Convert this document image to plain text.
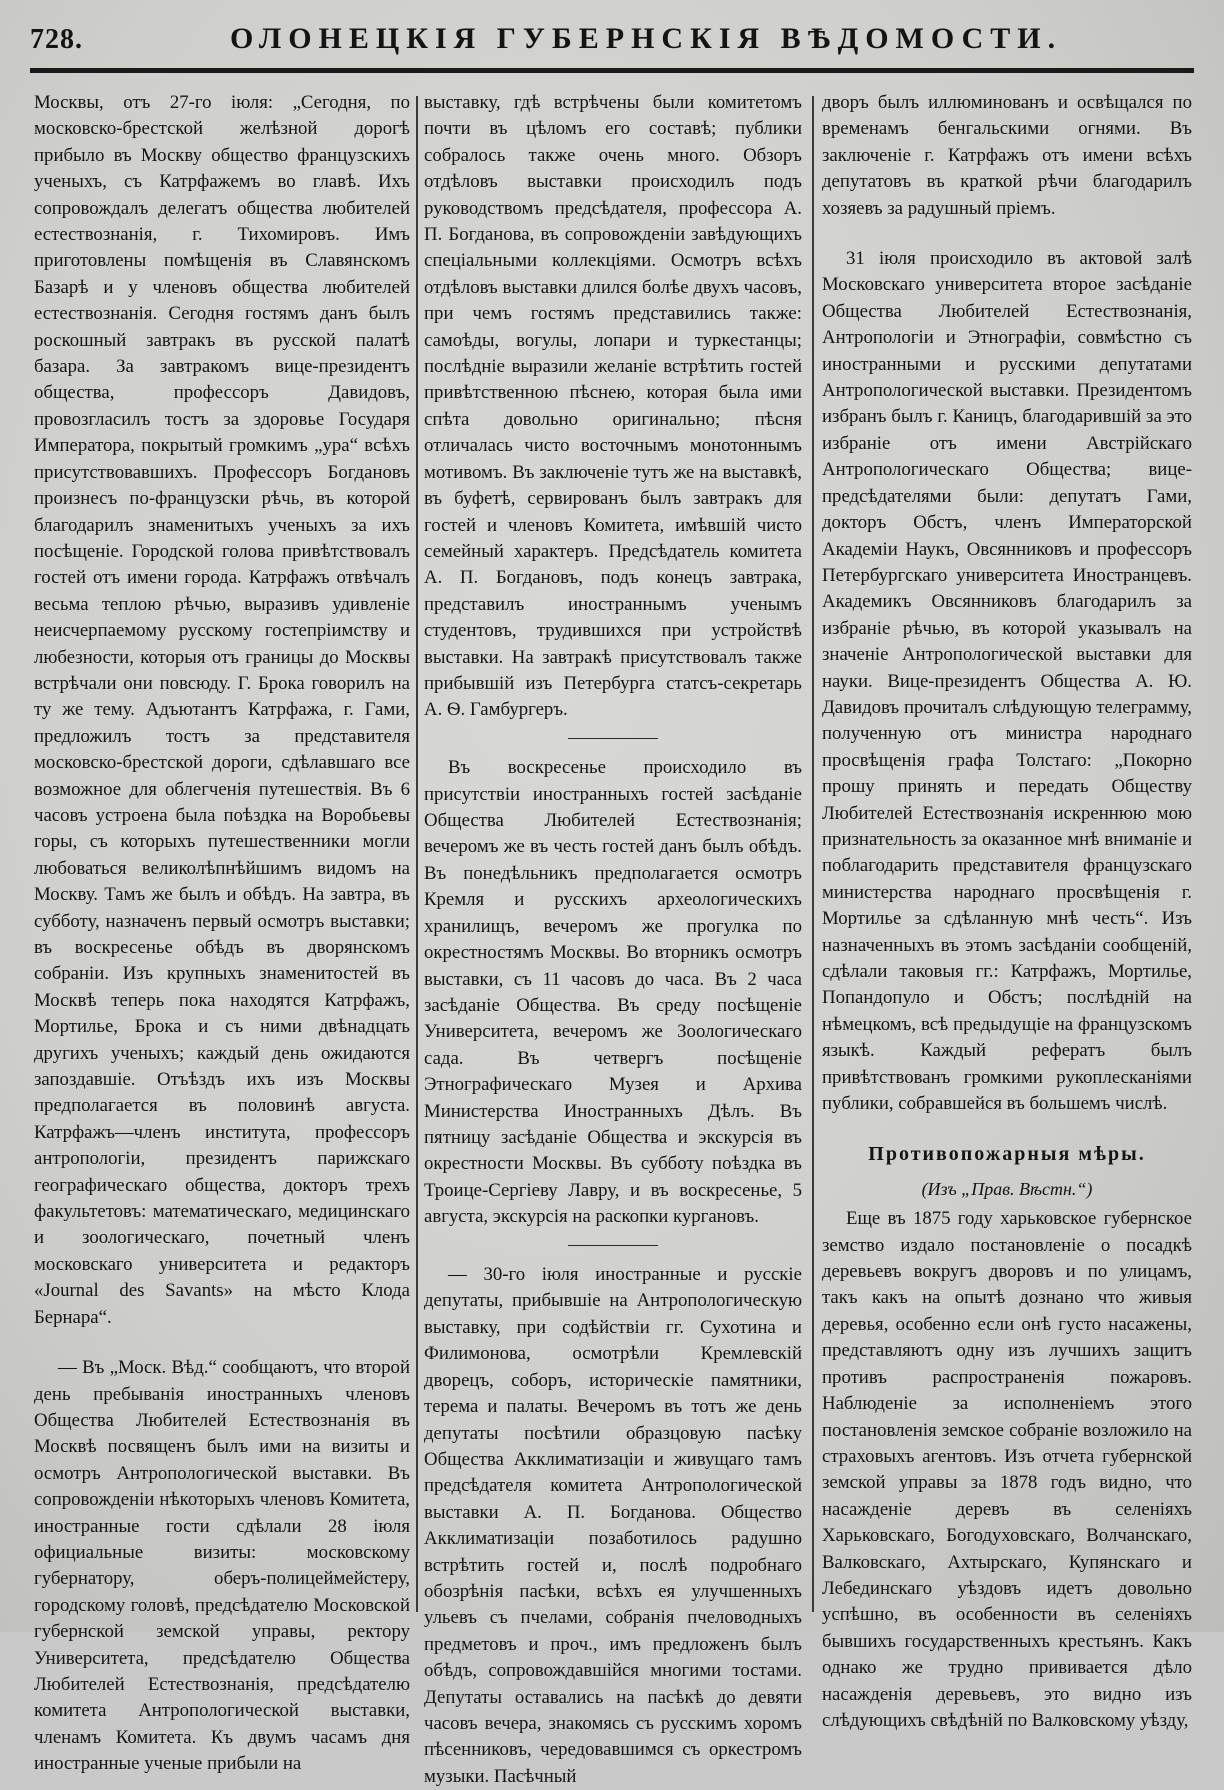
728.	ОЛОНЕЦКІЯ ГУБЕРНСКІЯ ВѢДОМОСТИ.

Москвы, отъ 27-го іюля: „Сегодня, по московско-брестской желѣзной дорогѣ прибыло въ Москву общество французскихъ ученыхъ, съ Катрфажемъ во главѣ. Ихъ сопровождалъ делегатъ общества любителей естествознанія, г. Тихомировъ. Имъ приготовлены помѣщенія въ Славянскомъ Базарѣ и у членовъ общества любителей естествознанія. Сегодня гостямъ данъ былъ роскошный завтракъ въ русской палатѣ базара. За завтракомъ вице-президентъ общества, профессоръ Давидовъ, провозгласилъ тостъ за здоровье Государя Императора, покрытый громкимъ „ура“ всѣхъ присутствовавшихъ. Профессоръ Богдановъ произнесъ по-французски рѣчь, въ которой благодарилъ знаменитыхъ ученыхъ за ихъ посѣщеніе. Городской голова привѣтствовалъ гостей отъ имени города. Катрфажъ отвѣчалъ весьма теплою рѣчью, выразивъ удивленіе неисчерпаемому русскому гостепріимству и любезности, которыя отъ границы до Москвы встрѣчали они повсюду. Г. Брока говорилъ на ту же тему. Адъютантъ Катрфажа, г. Гами, предложилъ тостъ за представителя московско-брестской дороги, сдѣлавшаго все возможное для облегченія путешествія. Въ 6 часовъ устроена была поѣздка на Воробьевы горы, съ которыхъ путешественники могли любоваться великолѣпнѣйшимъ видомъ на Москву. Тамъ же былъ и обѣдъ. На завтра, въ субботу, назначенъ первый осмотръ выставки; въ воскресенье обѣдъ въ дворянскомъ собраніи. Изъ крупныхъ знаменитостей въ Москвѣ теперь пока находятся Катрфажъ, Мортилье, Брока и съ ними двѣнадцать другихъ ученыхъ; каждый день ожидаются запоздавшіе. Отъѣздъ ихъ изъ Москвы предполагается въ половинѣ августа. Катрфажъ—членъ института, профессоръ антропологіи, президентъ парижскаго географическаго общества, докторъ трехъ факультетовъ: математическаго, медицинскаго и зоологическаго, почетный членъ московскаго университета и редакторъ «Journal des Savants» на мѣсто Клода Бернара“.

— Въ „Моск. Вѣд.“ сообщаютъ, что второй день пребыванія иностранныхъ членовъ Общества Любителей Естествознанія въ Москвѣ посвященъ былъ ими на визиты и осмотръ Антропологической выставки. Въ сопровожденіи нѣкоторыхъ членовъ Комитета, иностранные гости сдѣлали 28 іюля официальные визиты: московскому губернатору, оберъ-полицеймейстеру, городскому головѣ, предсѣдателю Московской губернской земской управы, ректору Университета, предсѣдателю Общества Любителей Естествознанія, предсѣдателю комитета Антропологической выставки, членамъ Комитета. Къ двумъ часамъ дня иностранные ученые прибыли на

выставку, гдѣ встрѣчены были комитетомъ почти въ цѣломъ его составѣ; публики собралось также очень много. Обзоръ отдѣловъ выставки происходилъ подъ руководствомъ предсѣдателя, профессора А. П. Богданова, въ сопровожденіи завѣдующихъ спеціальными коллекціями. Осмотръ всѣхъ отдѣловъ выставки длился болѣе двухъ часовъ, при чемъ гостямъ представились также: самоѣды, вогулы, лопари и туркестанцы; послѣдніе выразили желаніе встрѣтить гостей привѣтственною пѣснею, которая была ими спѣта довольно оригинально; пѣсня отличалась чисто восточнымъ монотоннымъ мотивомъ. Въ заключеніе тутъ же на выставкѣ, въ буфетѣ, сервированъ былъ завтракъ для гостей и членовъ Комитета, имѣвшій чисто семейный характеръ. Предсѣдатель комитета А. П. Богдановъ, подъ конецъ завтрака, представилъ иностраннымъ ученымъ студентовъ, трудившихся при устройствѣ выставки. На завтракѣ присутствовалъ также прибывшій изъ Петербурга статсъ-секретарь А. Ѳ. Гамбургеръ.

Въ воскресенье происходило въ присутствіи иностранныхъ гостей засѣданіе Общества Любителей Естествознанія; вечеромъ же въ честь гостей данъ былъ обѣдъ. Въ понедѣльникъ предполагается осмотръ Кремля и русскихъ археологическихъ хранилищъ, вечеромъ же прогулка по окрестностямъ Москвы. Во вторникъ осмотръ выставки, съ 11 часовъ до часа. Въ 2 часа засѣданіе Общества. Въ среду посѣщеніе Университета, вечеромъ же Зоологическаго сада. Въ четвергъ посѣщеніе Этнографическаго Музея и Архива Министерства Иностранныхъ Дѣлъ. Въ пятницу засѣданіе Общества и экскурсія въ окрестности Москвы. Въ субботу поѣздка въ Троице-Сергіеву Лавру, и въ воскресенье, 5 августа, экскурсія на раскопки кургановъ.

— 30-го іюля иностранные и русскіе депутаты, прибывшіе на Антропологическую выставку, при содѣйствіи гг. Сухотина и Филимонова, осмотрѣли Кремлевскій дворецъ, соборъ, историческіе памятники, терема и палаты. Вечеромъ въ тотъ же день депутаты посѣтили образцовую пасѣку Общества Акклиматизаціи и живущаго тамъ предсѣдателя комитета Антропологической выставки А. П. Богданова. Общество Акклиматизаціи позаботилось радушно встрѣтить гостей и, послѣ подробнаго обозрѣнія пасѣки, всѣхъ ея улучшенныхъ ульевъ съ пчелами, собранія пчеловодныхъ предметовъ и проч., имъ предложенъ былъ обѣдъ, сопровождавшійся многими тостами. Депутаты оставались на пасѣкѣ до девяти часовъ вечера, знакомясь съ русскимъ хоромъ пѣсенниковъ, чередовавшимся съ оркестромъ музыки. Пасѣчный

дворъ былъ иллюминованъ и освѣщался по временамъ бенгальскими огнями. Въ заключеніе г. Катрфажъ отъ имени всѣхъ депутатовъ въ краткой рѣчи благодарилъ хозяевъ за радушный пріемъ.

31 іюля происходило въ актовой залѣ Московскаго университета второе засѣданіе Общества Любителей Естествознанія, Антропологіи и Этнографіи, совмѣстно съ иностранными и русскими депутатами Антропологической выставки. Президентомъ избранъ былъ г. Каницъ, благодарившій за это избраніе отъ имени Австрійскаго Антропологическаго Общества; вице-предсѣдателями были: депутатъ Гами, докторъ Обстъ, членъ Императорской Академіи Наукъ, Овсянниковъ и профессоръ Петербургскаго университета Иностранцевъ. Академикъ Овсянниковъ благодарилъ за избраніе рѣчью, въ которой указывалъ на значеніе Антропологической выставки для науки. Вице-президентъ Общества А. Ю. Давидовъ прочиталъ слѣдующую телеграмму, полученную отъ министра народнаго просвѣщенія графа Толстаго: „Покорно прошу принять и передать Обществу Любителей Естествознанія искреннюю мою признательность за оказанное мнѣ вниманіе и поблагодарить представителя французскаго министерства народнаго просвѣщенія г. Мортилье за сдѣланную мнѣ честь“. Изъ назначенныхъ въ этомъ засѣданіи сообщеній, сдѣлали таковыя гг.: Катрфажъ, Мортилье, Попандопуло и Обстъ; послѣдній на нѣмецкомъ, всѣ предыдущіе на французскомъ языкѣ. Каждый рефератъ былъ привѣтствованъ громкими рукоплесканіями публики, собравшейся въ большемъ числѣ.

Противопожарныя мѣры.
(Изъ „Прав. Вѣстн.“)

Еще въ 1875 году харьковское губернское земство издало постановленіе о посадкѣ деревьевъ вокругъ дворовъ и по улицамъ, такъ какъ на опытѣ дознано что живыя деревья, особенно если онѣ густо насажены, представляютъ одну изъ лучшихъ защитъ противъ распространенія пожаровъ. Наблюденіе за исполненіемъ этого постановленія земское собраніе возложило на страховыхъ агентовъ. Изъ отчета губернской земской управы за 1878 годъ видно, что насажденіе деревъ въ селеніяхъ Харьковскаго, Богодуховскаго, Волчанскаго, Валковскаго, Ахтырскаго, Купянскаго и Лебединскаго уѣздовъ идетъ довольно успѣшно, въ особенности въ селеніяхъ бывшихъ государственныхъ крестьянъ. Какъ однако же трудно прививается дѣло насажденія деревьевъ, это видно изъ слѣдующихъ свѣдѣній по Валковскому уѣзду,
